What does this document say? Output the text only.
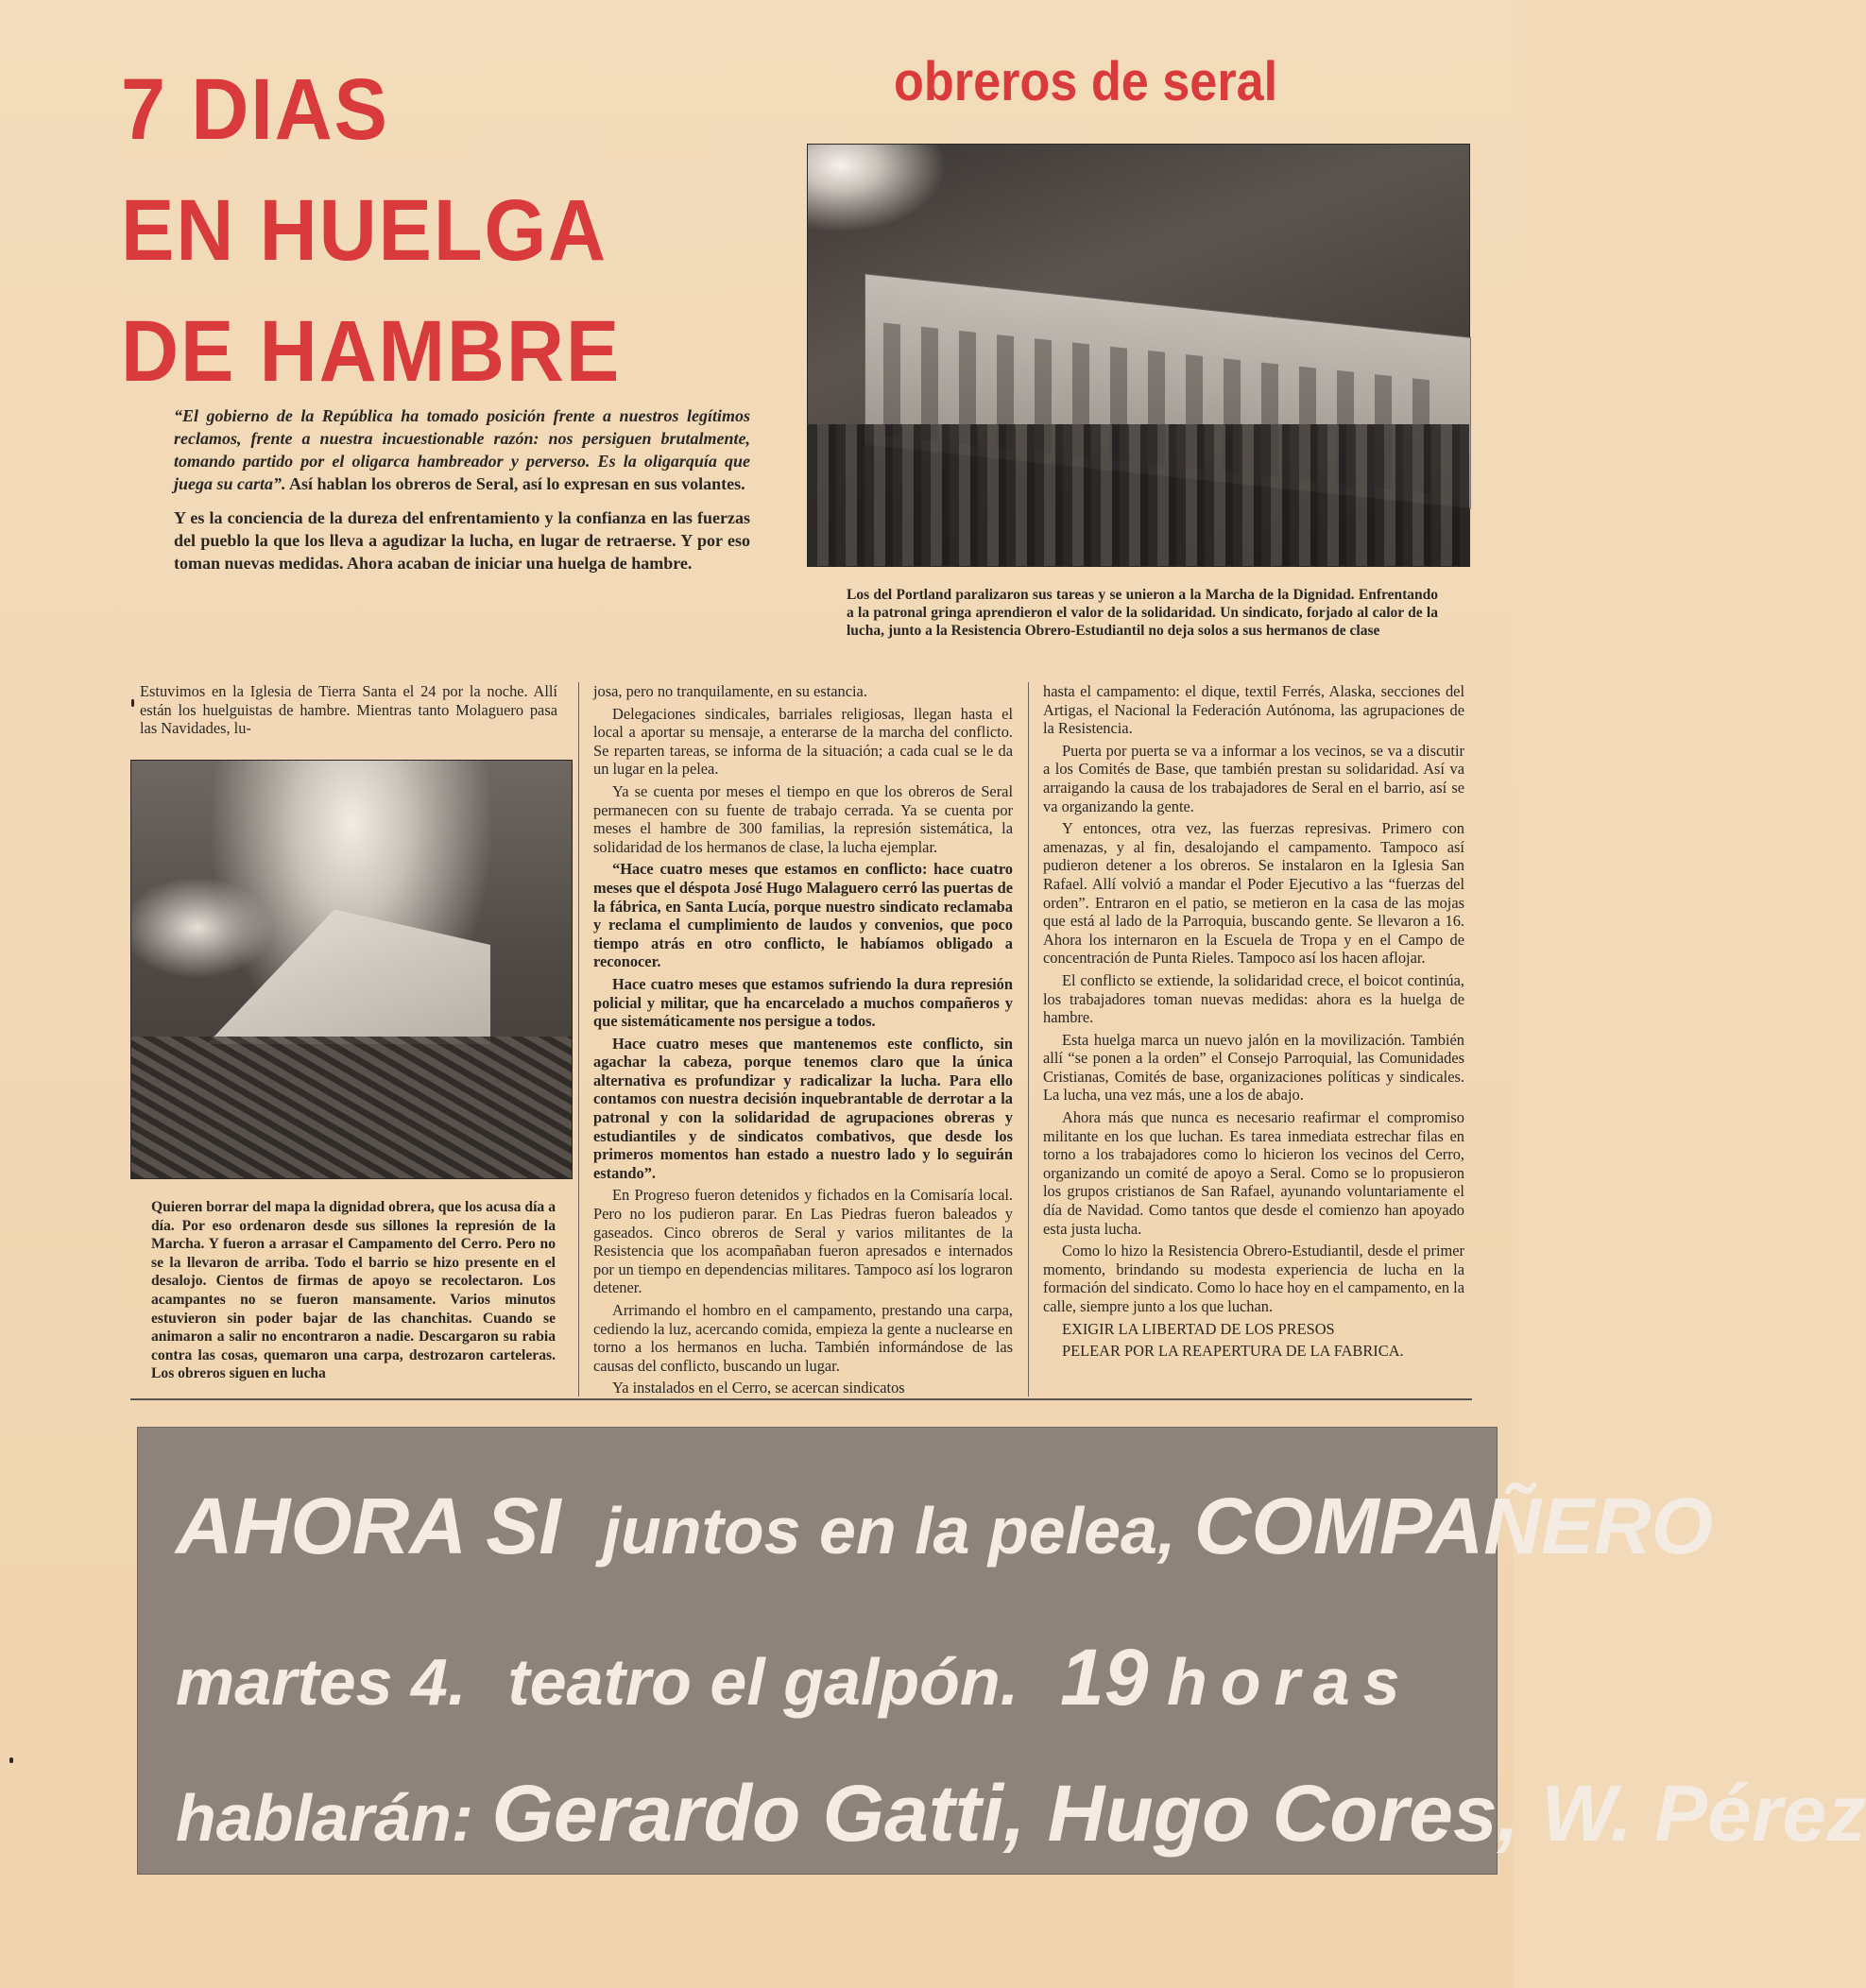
7 DIAS
EN HUELGA
DE HAMBRE
obreros de seral

“El gobierno de la República ha tomado posición frente a nuestros legítimos reclamos, frente a nuestra incuestionable razón: nos persiguen brutalmente, tomando partido por el oligarca hambreador y perverso. Es la oligarquía que juega su carta”. Así hablan los obreros de Seral, así lo expresan en sus volantes.

Y es la conciencia de la dureza del enfrentamiento y la confianza en las fuerzas del pueblo la que los lleva a agudizar la lucha, en lugar de retraerse. Y por eso toman nuevas medidas. Ahora acaban de iniciar una huelga de hambre.

Los del Portland paralizaron sus tareas y se unieron a la Marcha de la Dignidad. Enfrentando a la patronal gringa aprendieron el valor de la solidaridad. Un sindicato, forjado al calor de la lucha, junto a la Resistencia Obrero-Estudiantil no deja solos a sus hermanos de clase

Estuvimos en la Iglesia de Tierra Santa el 24 por la noche. Allí están los huelguistas de hambre. Mientras tanto Molaguero pasa las Navidades, lu-

Quieren borrar del mapa la dignidad obrera, que los acusa día a día. Por eso ordenaron desde sus sillones la represión de la Marcha. Y fueron a arrasar el Campamento del Cerro. Pero no se la llevaron de arriba. Todo el barrio se hizo presente en el desalojo. Cientos de firmas de apoyo se recolectaron. Los acampantes no se fueron mansamente. Varios minutos estuvieron sin poder bajar de las chanchitas. Cuando se animaron a salir no encontraron a nadie. Descargaron su rabia contra las cosas, quemaron una carpa, destrozaron carteleras. Los obreros siguen en lucha

josa, pero no tranquilamente, en su estancia.

Delegaciones sindicales, barriales religiosas, llegan hasta el local a aportar su mensaje, a enterarse de la marcha del conflicto. Se reparten tareas, se informa de la situación; a cada cual se le da un lugar en la pelea.

Ya se cuenta por meses el tiempo en que los obreros de Seral permanecen con su fuente de trabajo cerrada. Ya se cuenta por meses el hambre de 300 familias, la represión sistemática, la solidaridad de los hermanos de clase, la lucha ejemplar.

“Hace cuatro meses que estamos en conflicto: hace cuatro meses que el déspota José Hugo Malaguero cerró las puertas de la fábrica, en Santa Lucía, porque nuestro sindicato reclamaba y reclama el cumplimiento de laudos y convenios, que poco tiempo atrás en otro conflicto, le habíamos obligado a reconocer.

Hace cuatro meses que estamos sufriendo la dura represión policial y militar, que ha encarcelado a muchos compañeros y que sistemáticamente nos persigue a todos.

Hace cuatro meses que mantenemos este conflicto, sin agachar la cabeza, porque tenemos claro que la única alternativa es profundizar y radicalizar la lucha. Para ello contamos con nuestra decisión inquebrantable de derrotar a la patronal y con la solidaridad de agrupaciones obreras y estudiantiles y de sindicatos combativos, que desde los primeros momentos han estado a nuestro lado y lo seguirán estando”.

En Progreso fueron detenidos y fichados en la Comisaría local. Pero no los pudieron parar. En Las Piedras fueron baleados y gaseados. Cinco obreros de Seral y varios militantes de la Resistencia que los acompañaban fueron apresados e internados por un tiempo en dependencias militares. Tampoco así los lograron detener.

Arrimando el hombro en el campamento, prestando una carpa, cediendo la luz, acercando comida, empieza la gente a nuclearse en torno a los hermanos en lucha. También informándose de las causas del conflicto, buscando un lugar.

Ya instalados en el Cerro, se acercan sindicatos

hasta el campamento: el dique, textil Ferrés, Alaska, secciones del Artigas, el Nacional la Federación Autónoma, las agrupaciones de la Resistencia.

Puerta por puerta se va a informar a los vecinos, se va a discutir a los Comités de Base, que también prestan su solidaridad. Así va arraigando la causa de los trabajadores de Seral en el barrio, así se va organizando la gente.

Y entonces, otra vez, las fuerzas represivas. Primero con amenazas, y al fin, desalojando el campamento. Tampoco así pudieron detener a los obreros. Se instalaron en la Iglesia San Rafael. Allí volvió a mandar el Poder Ejecutivo a las “fuerzas del orden”. Entraron en el patio, se metieron en la casa de las mojas que está al lado de la Parroquia, buscando gente. Se llevaron a 16. Ahora los internaron en la Escuela de Tropa y en el Campo de concentración de Punta Rieles. Tampoco así los hacen aflojar.

El conflicto se extiende, la solidaridad crece, el boicot continúa, los trabajadores toman nuevas medidas: ahora es la huelga de hambre.

Esta huelga marca un nuevo jalón en la movilización. También allí “se ponen a la orden” el Consejo Parroquial, las Comunidades Cristianas, Comités de base, organizaciones políticas y sindicales. La lucha, una vez más, une a los de abajo.

Ahora más que nunca es necesario reafirmar el compromiso militante en los que luchan. Es tarea inmediata estrechar filas en torno a los trabajadores como lo hicieron los vecinos del Cerro, organizando un comité de apoyo a Seral. Como se lo propusieron los grupos cristianos de San Rafael, ayunando voluntariamente el día de Navidad. Como tantos que desde el comienzo han apoyado esta justa lucha.

Como lo hizo la Resistencia Obrero-Estudiantil, desde el primer momento, brindando su modesta experiencia de lucha en la formación del sindicato. Como lo hace hoy en el campamento, en la calle, siempre junto a los que luchan.

EXIGIR LA LIBERTAD DE LOS PRESOS

PELEAR POR LA REAPERTURA DE LA FABRICA.

AHORA SI juntos en la pelea, COMPAÑERO
martes 4. teatro el galpón. 19 horas
hablarán: Gerardo Gatti, Hugo Cores, W. Pérez
